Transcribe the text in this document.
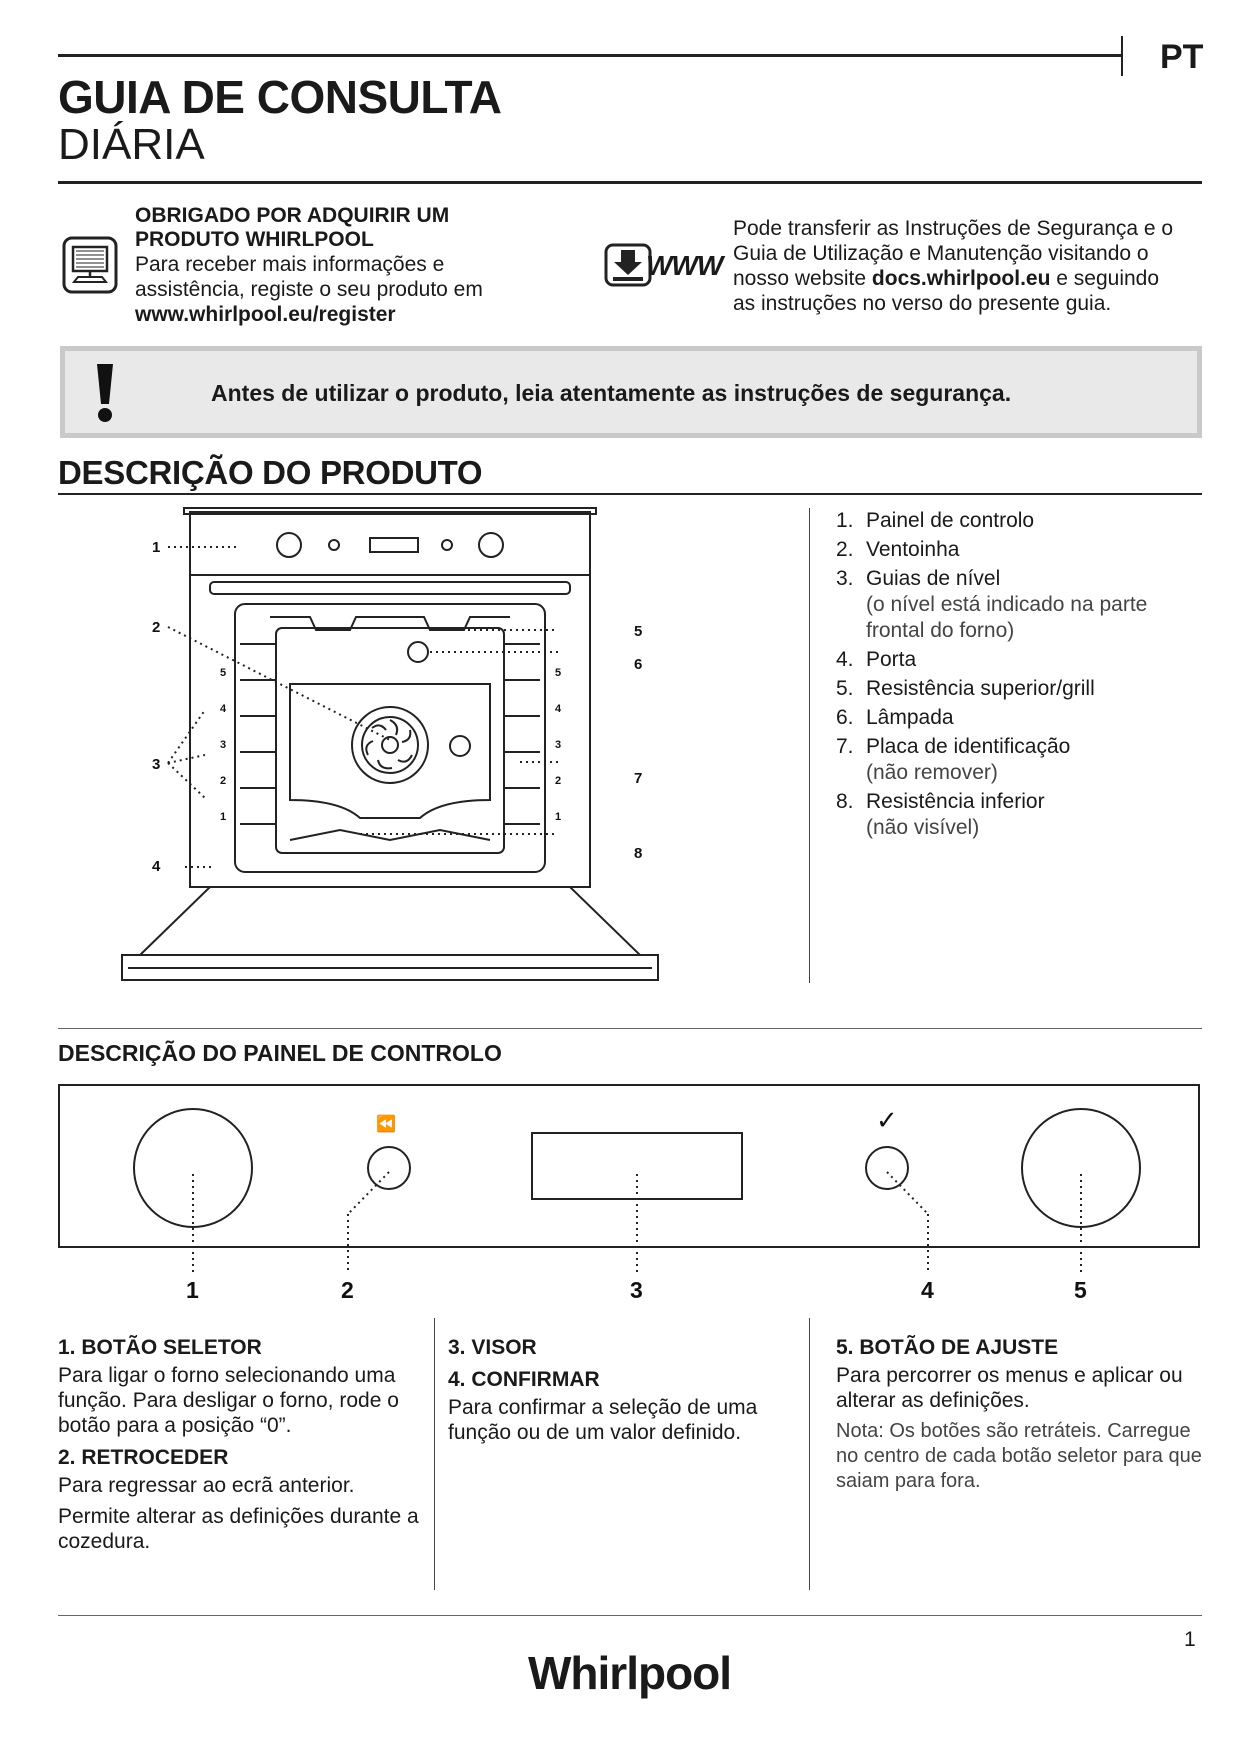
PT
GUIA DE CONSULTA
DIÁRIA

OBRIGADO POR ADQUIRIR UM

PRODUTO WHIRLPOOL

Para receber mais informações e

assistência, registe o seu produto em

www.whirlpool.eu/register

WWW

Pode transferir as Instruções de Segurança e o

Guia de Utilização e Manutenção visitando o

nosso website docs.whirlpool.eu e seguindo

as instruções no verso do presente guia.

Antes de utilizar o produto, leia atentamente as instruções de segurança.
DESCRIÇÃO DO PRODUTO
1
2
3
4
5
6
7
8
5
4
3
2
1
5
4
3
2
1
1. Painel de controlo
2. Ventoinha
3. Guias de nível
(o nível está indicado na parte frontal do forno)
4. Porta
5. Resistência superior/grill
6. Lâmpada
7. Placa de identificação
(não remover)
8. Resistência inferior
(não visível)
DESCRIÇÃO DO PAINEL DE CONTROLO
⏪	✓
1	2	3	4	5

1. BOTÃO SELETOR

Para ligar o forno selecionando uma função. Para desligar o forno, rode o botão para a posição “0”.

2. RETROCEDER

Para regressar ao ecrã anterior.

Permite alterar as definições durante a cozedura.

3. VISOR

4. CONFIRMAR

Para confirmar a seleção de uma função ou de um valor definido.

5. BOTÃO DE AJUSTE

Para percorrer os menus e aplicar ou alterar as definições.

Nota: Os botões são retráteis. Carregue no centro de cada botão seletor para que saiam para fora.

1
Whirlpool
